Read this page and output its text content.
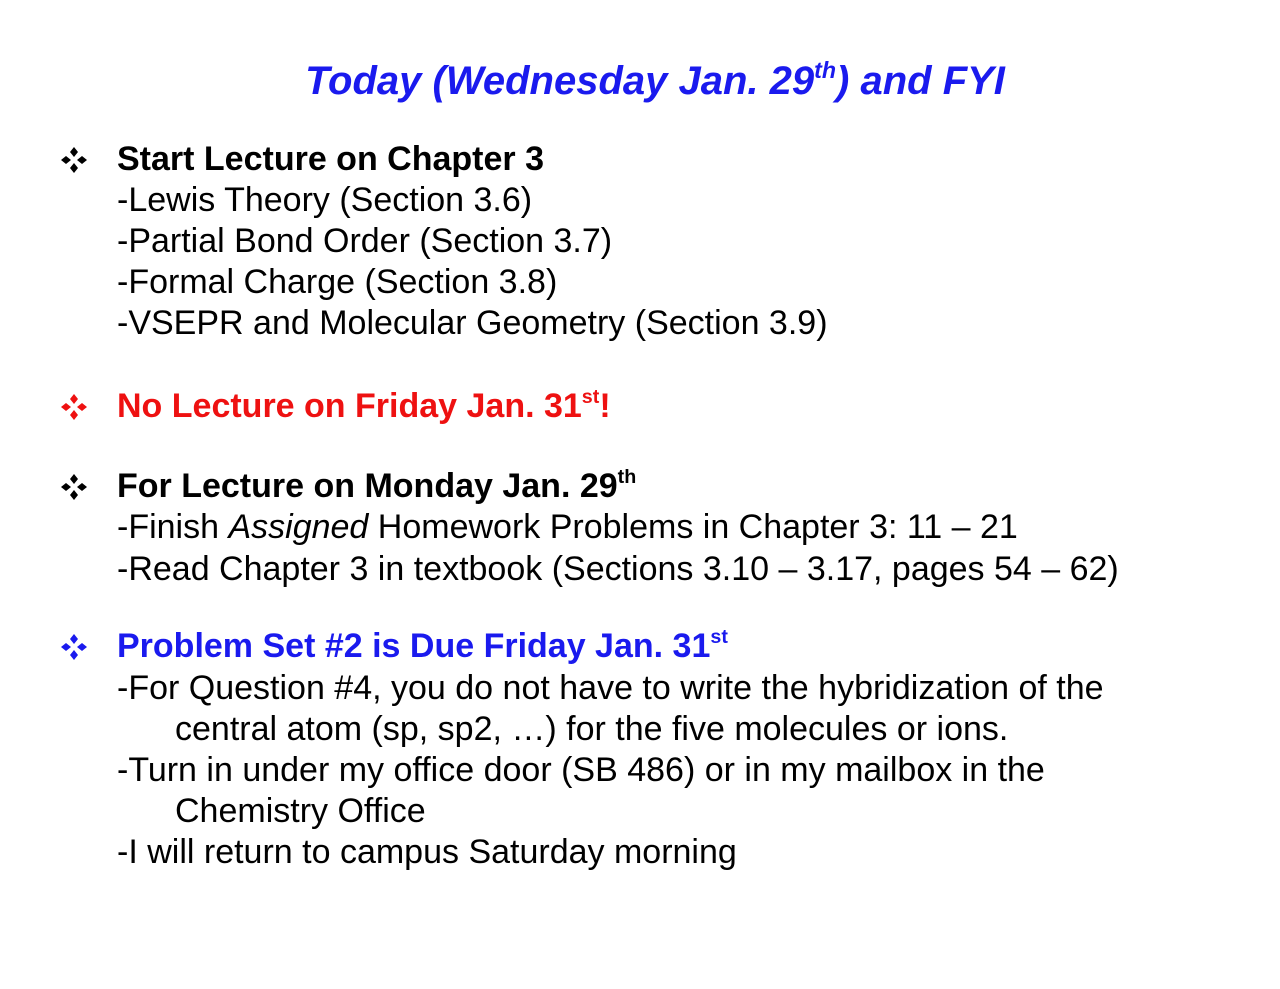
Today (Wednesday Jan. 29th) and FYI
Start Lecture on Chapter 3
-Lewis Theory (Section 3.6)
-Partial Bond Order (Section 3.7)
-Formal Charge (Section 3.8)
-VSEPR and Molecular Geometry (Section 3.9)
No Lecture on Friday Jan. 31st!
For Lecture on Monday Jan. 29th
-Finish Assigned Homework Problems in Chapter 3: 11 – 21
-Read Chapter 3 in textbook (Sections 3.10 – 3.17, pages 54 – 62)
Problem Set #2 is Due Friday Jan. 31st
-For Question #4, you do not have to write the hybridization of the
central atom (sp, sp2, …) for the five molecules or ions.
-Turn in under my office door (SB 486) or in my mailbox in the
Chemistry Office
-I will return to campus Saturday morning
